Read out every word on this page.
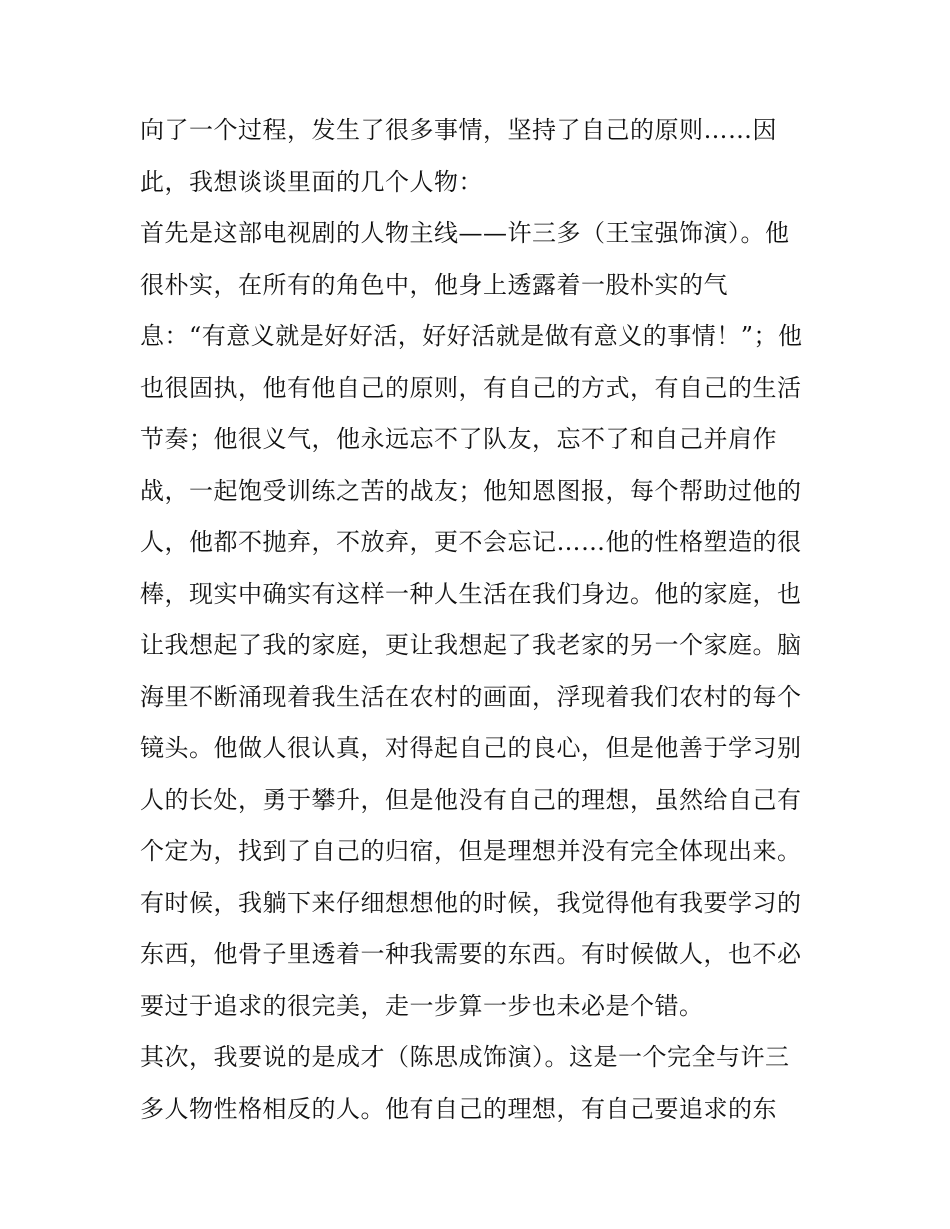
向了一个过程，发生了很多事情，坚持了自己的原则……因
此，我想谈谈里面的几个人物：
首先是这部电视剧的人物主线——许三多（王宝强饰演）。他
很朴实，在所有的角色中，他身上透露着一股朴实的气
息：“有意义就是好好活，好好活就是做有意义的事情！”；他
也很固执，他有他自己的原则，有自己的方式，有自己的生活
节奏；他很义气，他永远忘不了队友，忘不了和自己并肩作
战，一起饱受训练之苦的战友；他知恩图报，每个帮助过他的
人，他都不抛弃，不放弃，更不会忘记……他的性格塑造的很
棒，现实中确实有这样一种人生活在我们身边。他的家庭，也
让我想起了我的家庭，更让我想起了我老家的另一个家庭。脑
海里不断涌现着我生活在农村的画面，浮现着我们农村的每个
镜头。他做人很认真，对得起自己的良心，但是他善于学习别
人的长处，勇于攀升，但是他没有自己的理想，虽然给自己有
个定为，找到了自己的归宿，但是理想并没有完全体现出来。
有时候，我躺下来仔细想想他的时候，我觉得他有我要学习的
东西，他骨子里透着一种我需要的东西。有时候做人，也不必
要过于追求的很完美，走一步算一步也未必是个错。
其次，我要说的是成才（陈思成饰演）。这是一个完全与许三
多人物性格相反的人。他有自己的理想，有自己要追求的东
